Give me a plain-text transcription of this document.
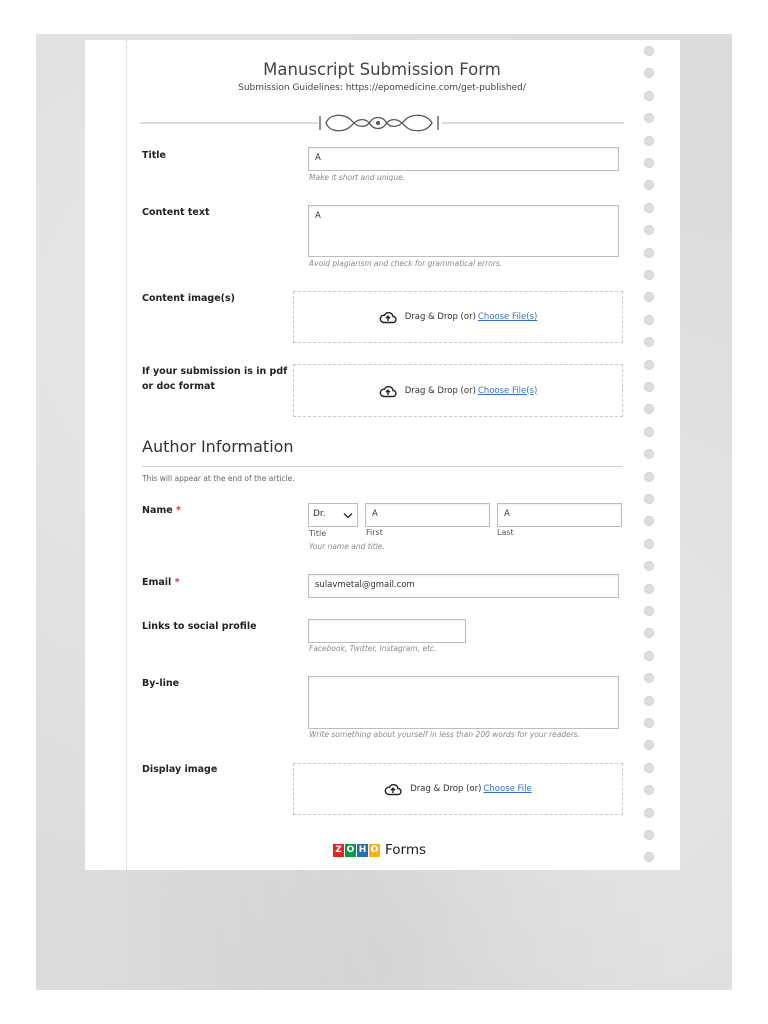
Manuscript Submission Form
Submission Guidelines: https://epomedicine.com/get-published/
Title	A
Make it short and unique.
Content text	A
Avoid plagiarism and check for grammatical errors.
Content image(s)
Drag & Drop (or) Choose File(s)
If your submission is in pdf or doc format	Drag & Drop (or) Choose File(s)
Author Information
This will appear at the end of the article.
Name *	Dr.	A	A
Title	First	Last
Your name and title.
Email *	sulavmetal@gmail.com
Links to social profile
Facebook, Twitter, Instagram, etc.
By-line
Write something about yourself in less than 200 words for your readers.
Display image
Drag & Drop (or) Choose File
Z O H O Forms
